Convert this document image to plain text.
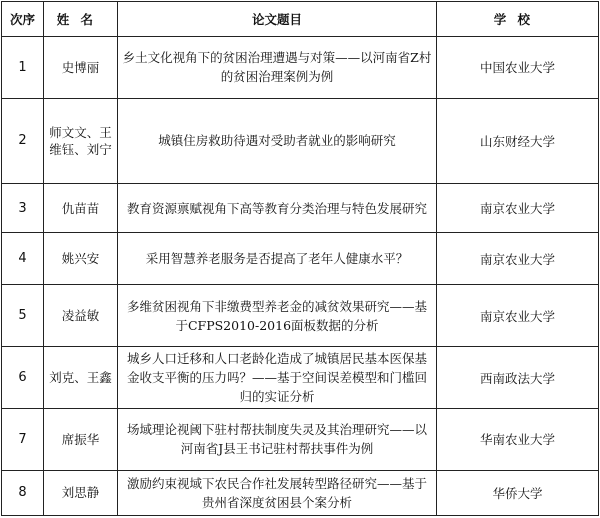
次序	姓名	论文题目	学校
1	史博丽	乡土文化视角下的贫困治理遭遇与对策——以河南省Z村的贫困治理案例为例	中国农业大学
2	师文文、王维钰、刘宁	城镇住房救助待遇对受助者就业的影响研究	山东财经大学
3	仇苗苗	教育资源禀赋视角下高等教育分类治理与特色发展研究	南京农业大学
4	姚兴安	采用智慧养老服务是否提高了老年人健康水平？	南京农业大学
5	凌益敏	多维贫困视角下非缴费型养老金的减贫效果研究——基于CFPS2010-2016面板数据的分析	南京农业大学
6	刘克、王鑫	城乡人口迁移和人口老龄化造成了城镇居民基本医保基金收支平衡的压力吗？——基于空间误差模型和门槛回归的实证分析	西南政法大学
7	席振华	场域理论视阈下驻村帮扶制度失灵及其治理研究——以河南省J县王书记驻村帮扶事件为例	华南农业大学
8	刘思静	激励约束视域下农民合作社发展转型路径研究——基于贵州省深度贫困县个案分析	华侨大学
